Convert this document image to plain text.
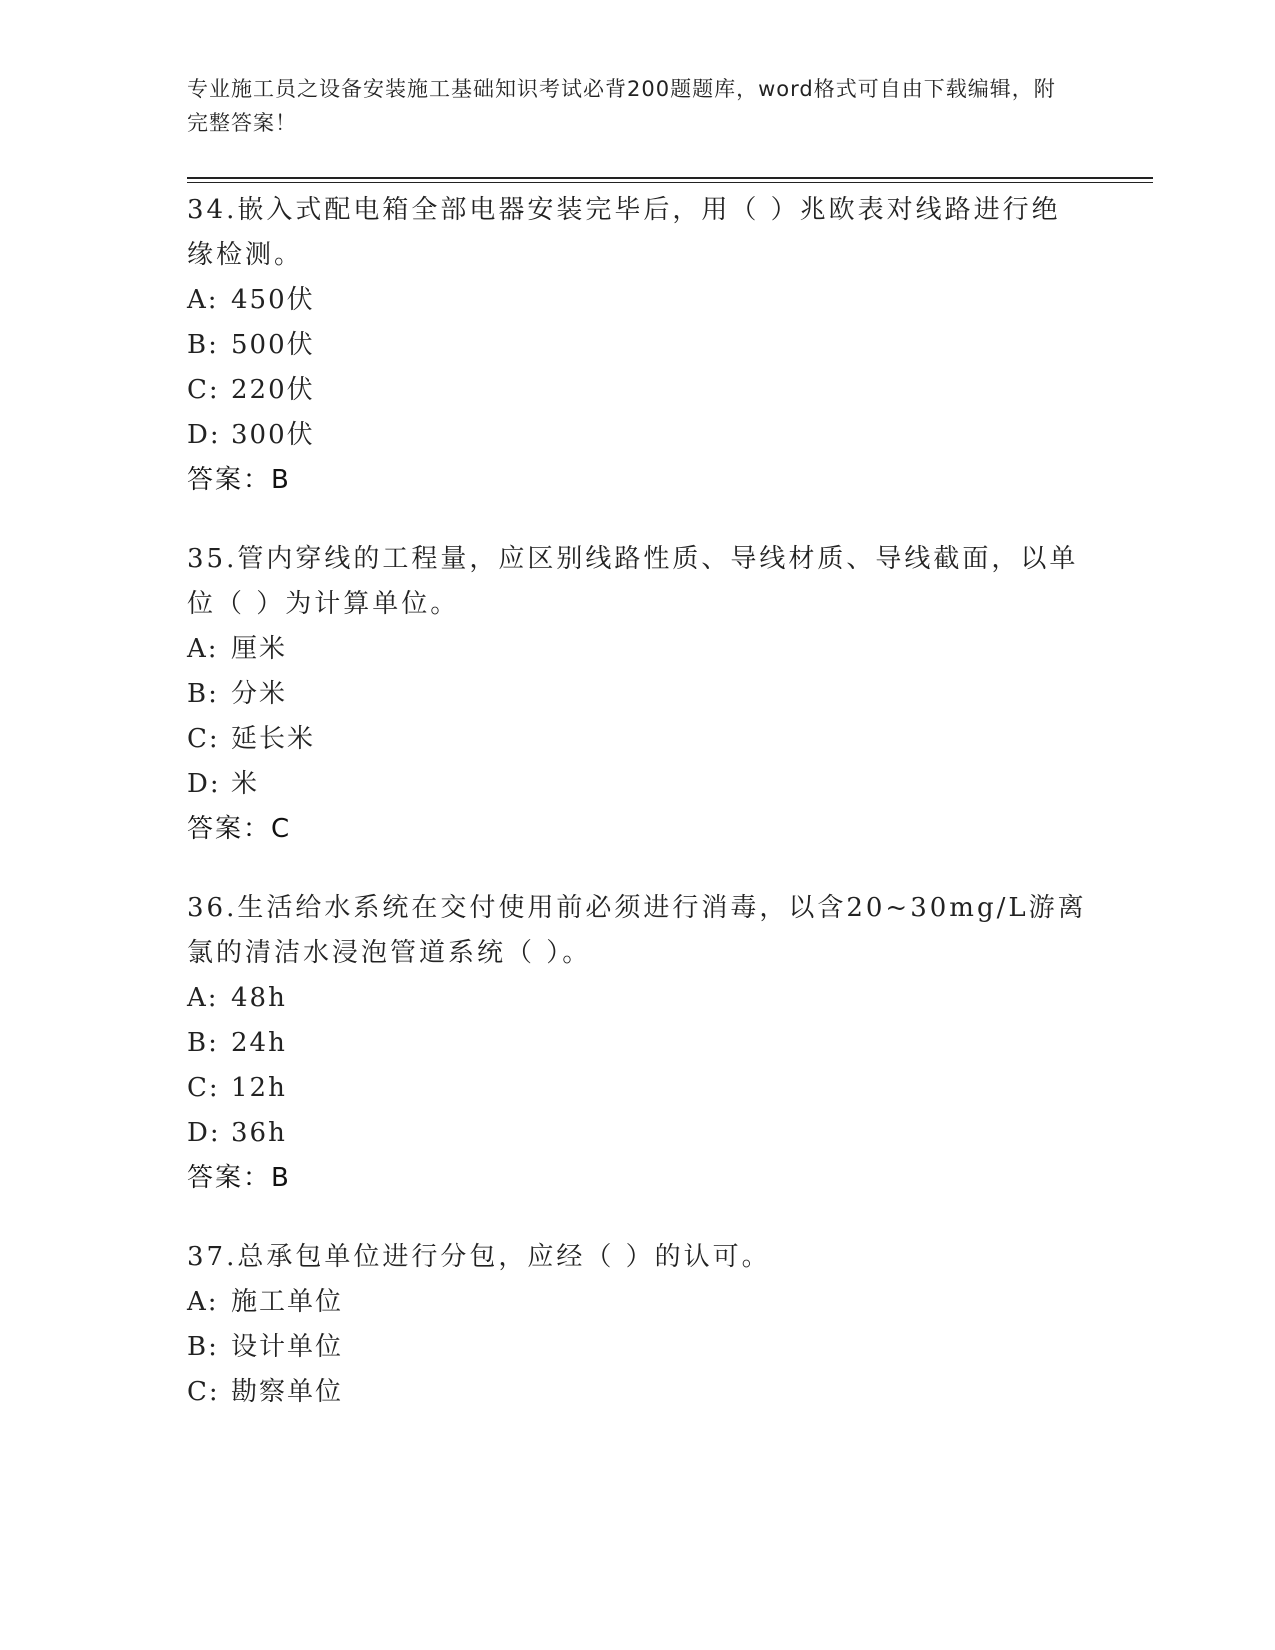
专业施工员之设备安装施工基础知识考试必背200题题库，word格式可自由下载编辑，附完整答案！

34.嵌入式配电箱全部电器安装完毕后，用（ ）兆欧表对线路进行绝缘检测。

A: 450伏

B: 500伏

C: 220伏

D: 300伏

答案：B

35.管内穿线的工程量，应区别线路性质、导线材质、导线截面，以单位（ ）为计算单位。

A: 厘米

B: 分米

C: 延长米

D: 米

答案：C

36.生活给水系统在交付使用前必须进行消毒，以含20~30mg/L游离氯的清洁水浸泡管道系统（ ）。

A: 48h

B: 24h

C: 12h

D: 36h

答案：B

37.总承包单位进行分包，应经（ ）的认可。

A: 施工单位

B: 设计单位

C: 勘察单位
